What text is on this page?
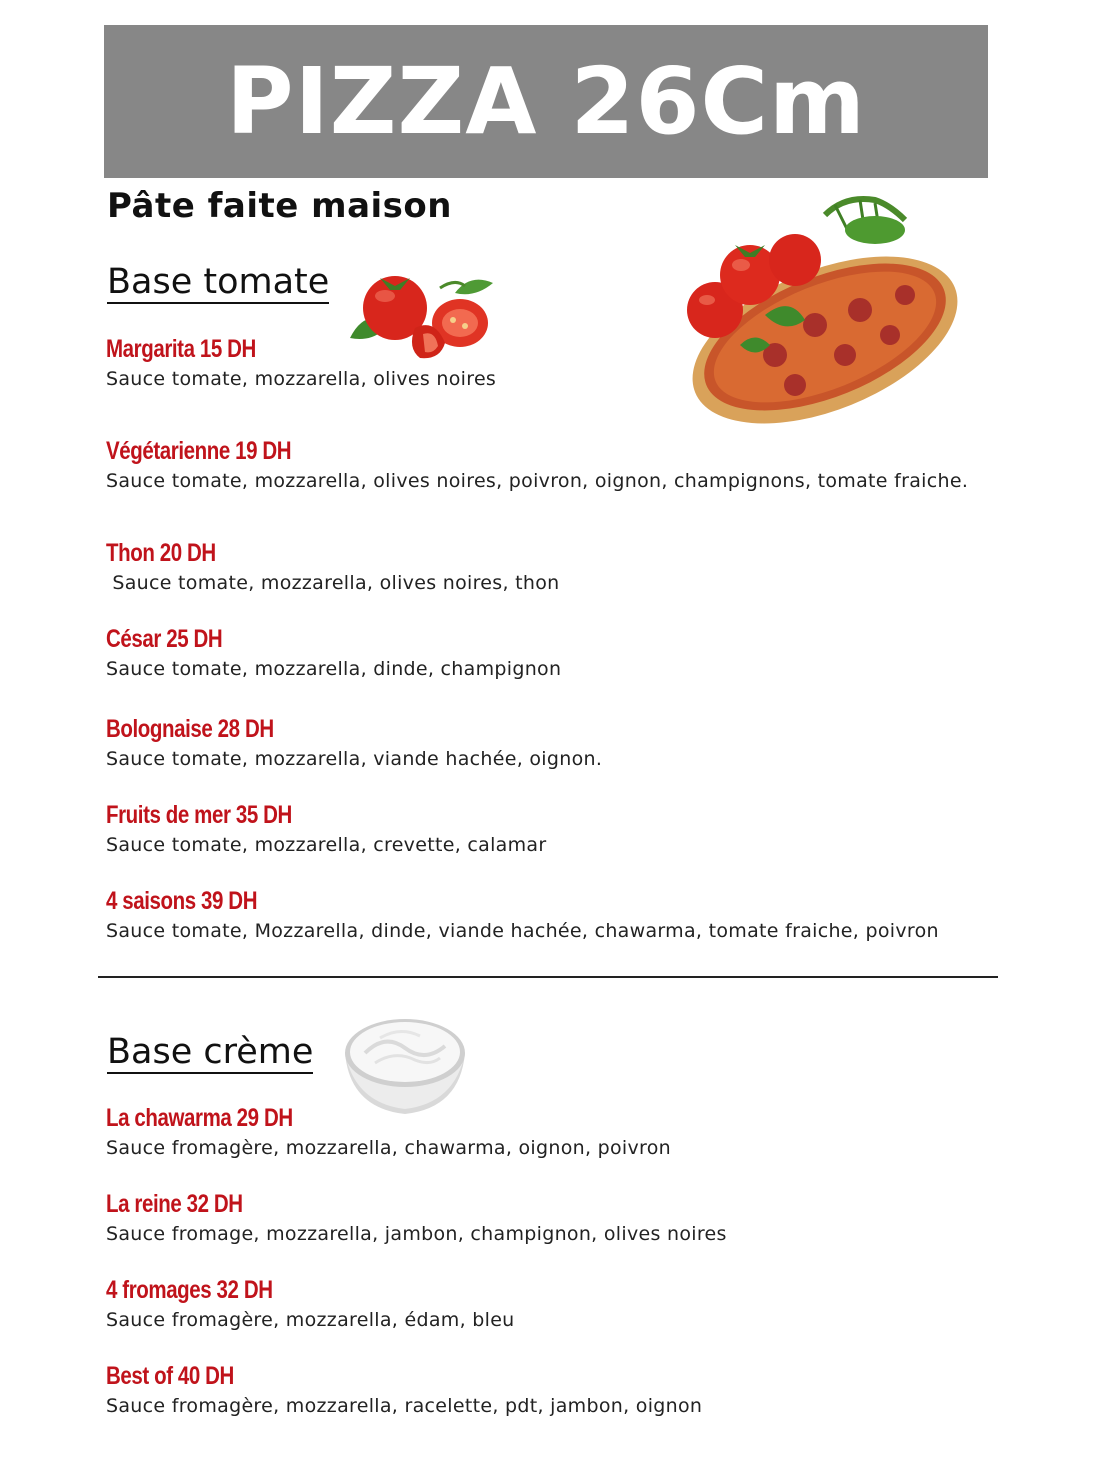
PIZZA 26Cm
Pâte faite maison
Base tomate
Margarita 15 DH
Sauce tomate, mozzarella, olives noires
Végétarienne 19 DH
Sauce tomate, mozzarella, olives noires, poivron, oignon, champignons, tomate fraiche.
Thon 20 DH
Sauce tomate, mozzarella, olives noires, thon
César 25 DH
Sauce tomate, mozzarella, dinde, champignon
Bolognaise 28 DH
Sauce tomate, mozzarella, viande hachée, oignon.
Fruits de mer 35 DH
Sauce tomate, mozzarella, crevette, calamar
4 saisons 39 DH
Sauce tomate, Mozzarella, dinde, viande hachée, chawarma, tomate fraiche, poivron
Base crème
La chawarma 29 DH
Sauce fromagère, mozzarella, chawarma, oignon, poivron
La reine 32 DH
Sauce fromage, mozzarella, jambon, champignon, olives noires
4 fromages 32 DH
Sauce fromagère, mozzarella, édam, bleu
Best of 40 DH
Sauce fromagère, mozzarella, racelette, pdt, jambon, oignon
